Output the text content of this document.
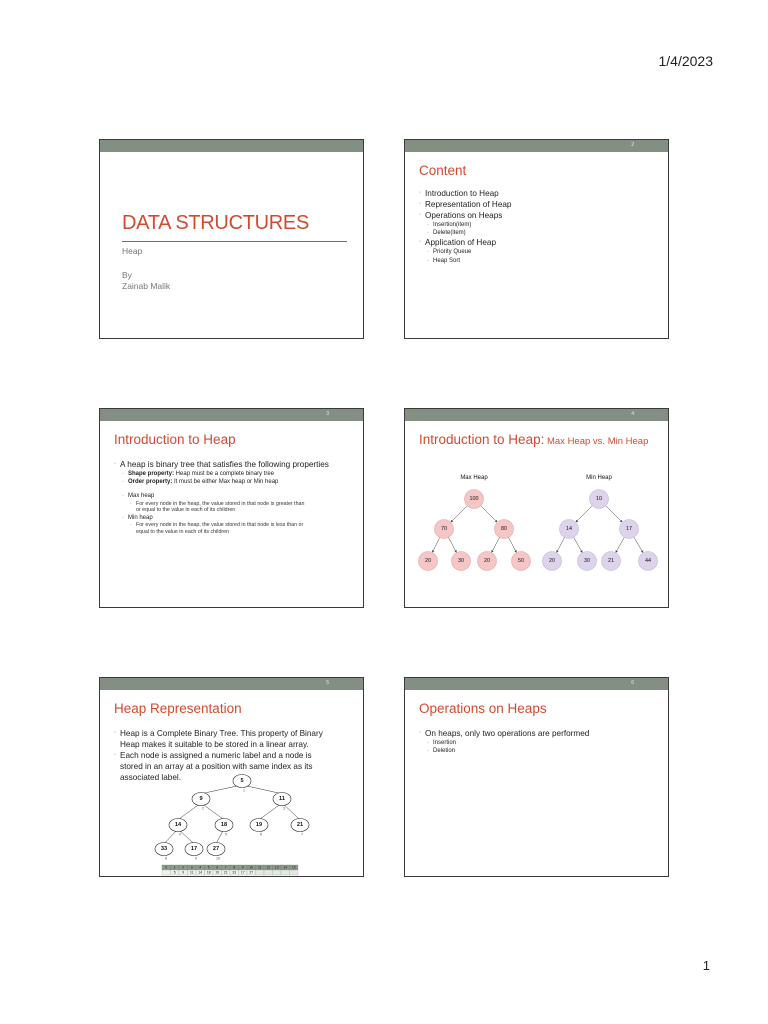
1/4/2023
DATA STRUCTURES
Heap
By
Zainab Malik
2
Content
◦ Introduction to Heap
◦ Representation of Heap
◦ Operations on Heaps
◦ Insertion(item)
◦ Delete(item)
◦ Application of Heap
◦ Priority Queue
◦ Heap Sort
3
Introduction to Heap
◦ A heap is binary tree that satisfies the following properties
◦ Shape property: Heap must be a complete binary tree
◦ Order property: It must be either Max heap or Min heap
◦ Max heap
◦ For every node in the heap, the value stored in that node is greater than
or equal to the value in each of its children
◦ Min heap
◦ For every node in the heap, the value stored in that node is less than or
equal to the value in each of its children
4
Introduction to Heap: Max Heap vs. Min Heap
Max Heap
100
70	80
20	30	20	50
Min Heap
10
14	17
20	30	21	44
5
Heap Representation
◦ Heap is a Complete Binary Tree. This property of Binary Heap makes it suitable to be stored in a linear array.
◦ Each node is assigned a numeric label and a node is stored in an array at a position with same index as its associated label.	5
1
9
2
11
3
14
4
18
5
19
6
21
7
33
8
17
9
27
10
0 1 2 3 4 5 6 7 8 9 10 11 12 13 14 15
5 9 11 14 18 19 21 33 17 27
6
Operations on Heaps
◦ On heaps, only two operations are performed
◦ Insertion
◦ Deletion
1
